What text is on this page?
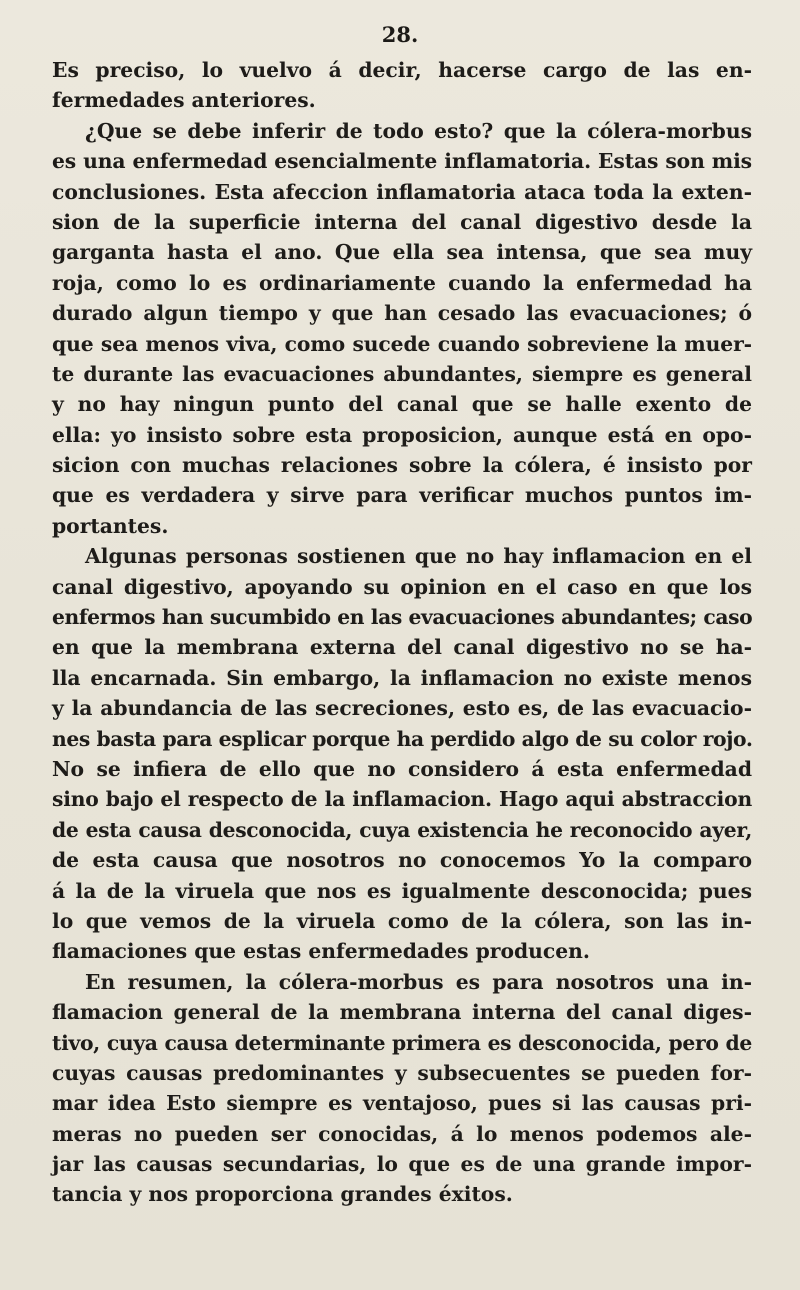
28.
Es preciso, lo vuelvo á decir, hacerse cargo de las en-
fermedades anteriores.
¿Que se debe inferir de todo esto? que la cólera-morbus
es una enfermedad esencialmente inflamatoria. Estas son mis
conclusiones. Esta afeccion inflamatoria ataca toda la exten-
sion de la superficie interna del canal digestivo desde la
garganta hasta el ano. Que ella sea intensa, que sea muy
roja, como lo es ordinariamente cuando la enfermedad ha
durado algun tiempo y que han cesado las evacuaciones; ó
que sea menos viva, como sucede cuando sobreviene la muer-
te durante las evacuaciones abundantes, siempre es general
y no hay ningun punto del canal que se halle exento de
ella: yo insisto sobre esta proposicion, aunque está en opo-
sicion con muchas relaciones sobre la cólera, é insisto por
que es verdadera y sirve para verificar muchos puntos im-
portantes.
Algunas personas sostienen que no hay inflamacion en el
canal digestivo, apoyando su opinion en el caso en que los
enfermos han sucumbido en las evacuaciones abundantes; caso
en que la membrana externa del canal digestivo no se ha-
lla encarnada. Sin embargo, la inflamacion no existe menos
y la abundancia de las secreciones, esto es, de las evacuacio-
nes basta para esplicar porque ha perdido algo de su color rojo.
No se infiera de ello que no considero á esta enfermedad
sino bajo el respecto de la inflamacion. Hago aqui abstraccion
de esta causa desconocida, cuya existencia he reconocido ayer,
de esta causa que nosotros no conocemos Yo la comparo
á la de la viruela que nos es igualmente desconocida; pues
lo que vemos de la viruela como de la cólera, son las in-
flamaciones que estas enfermedades producen.
En resumen, la cólera-morbus es para nosotros una in-
flamacion general de la membrana interna del canal diges-
tivo, cuya causa determinante primera es desconocida, pero de
cuyas causas predominantes y subsecuentes se pueden for-
mar idea Esto siempre es ventajoso, pues si las causas pri-
meras no pueden ser conocidas, á lo menos podemos ale-
jar las causas secundarias, lo que es de una grande impor-
tancia y nos proporciona grandes éxitos.
